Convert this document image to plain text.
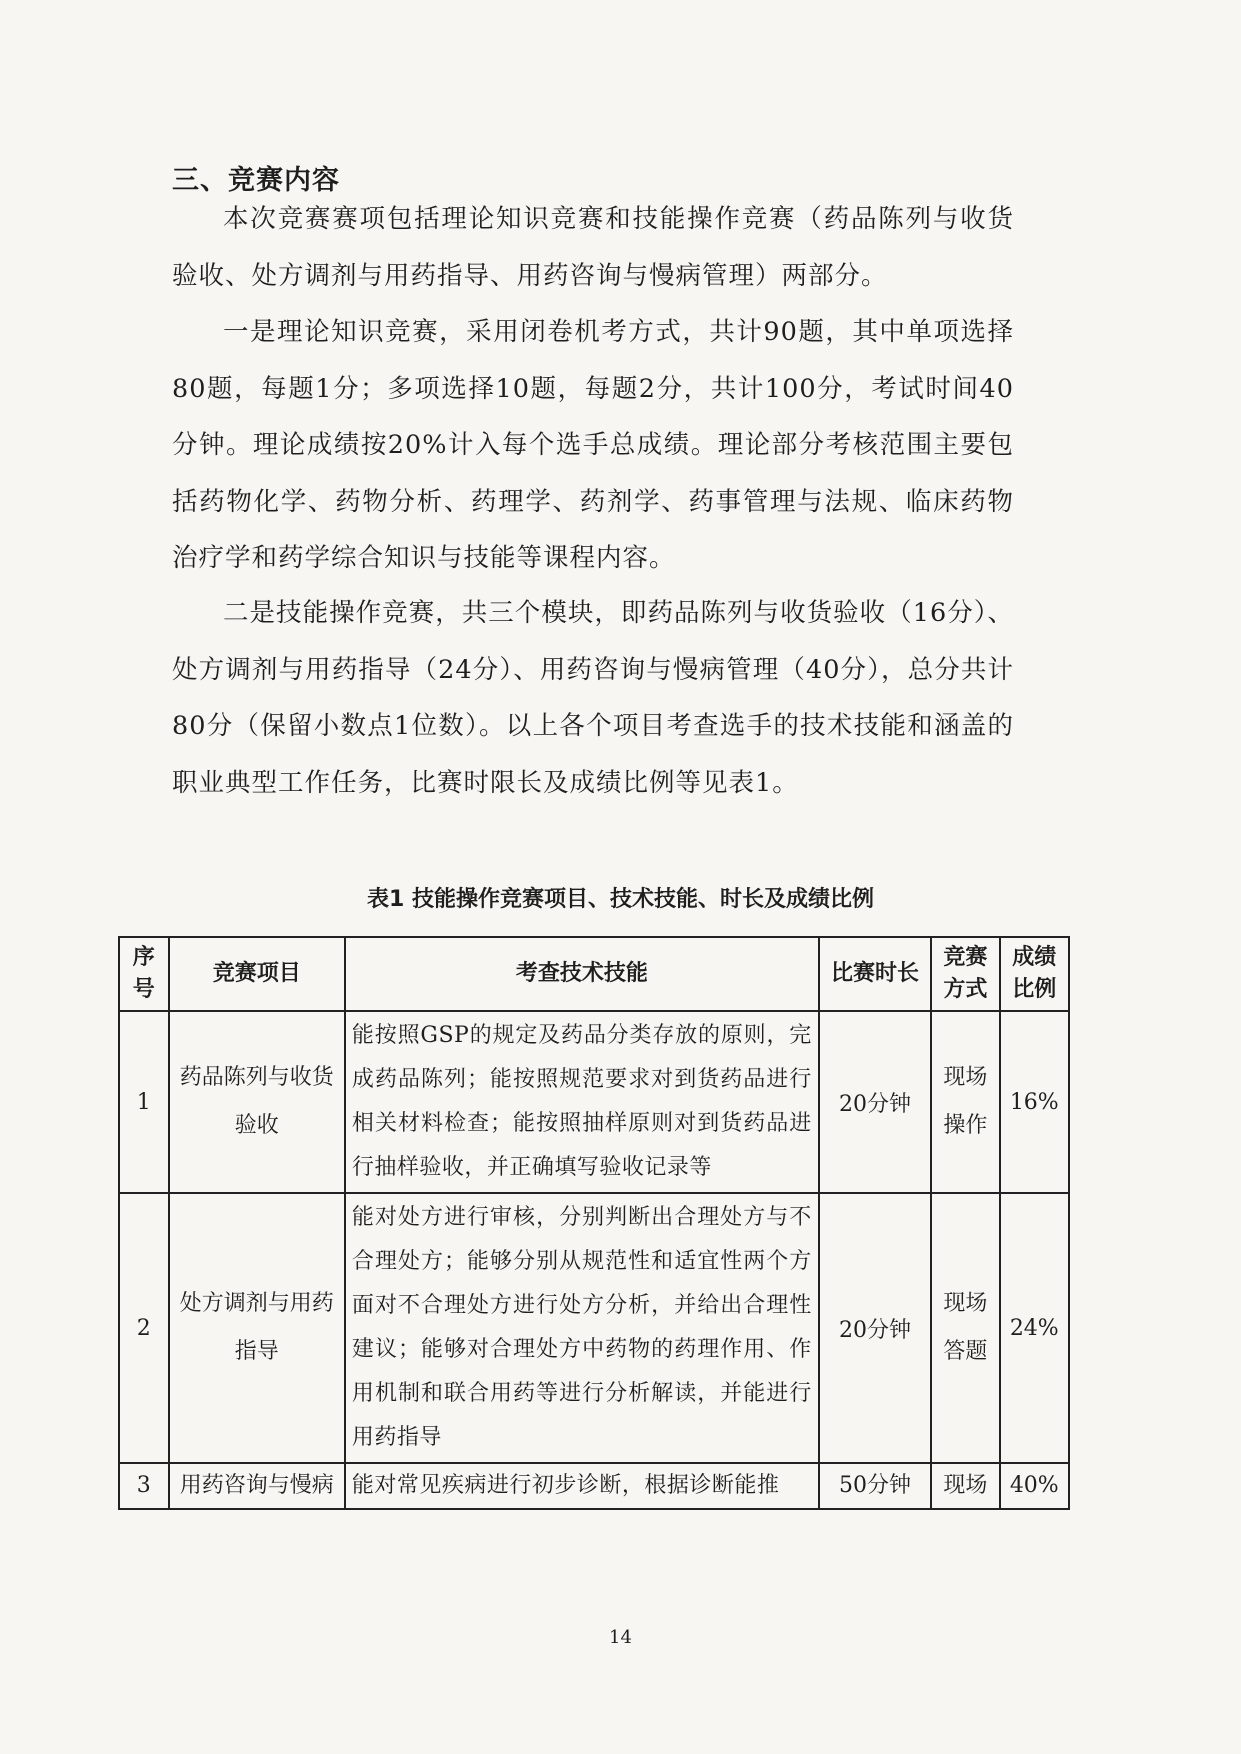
三、竞赛内容

本次竞赛赛项包括理论知识竞赛和技能操作竞赛（药品陈列与收货验收、处方调剂与用药指导、用药咨询与慢病管理）两部分。

一是理论知识竞赛，采用闭卷机考方式，共计90题，其中单项选择80题，每题1分；多项选择10题，每题2分，共计100分，考试时间40分钟。理论成绩按20%计入每个选手总成绩。理论部分考核范围主要包括药物化学、药物分析、药理学、药剂学、药事管理与法规、临床药物治疗学和药学综合知识与技能等课程内容。

二是技能操作竞赛，共三个模块，即药品陈列与收货验收（16分）、处方调剂与用药指导（24分）、用药咨询与慢病管理（40分），总分共计80分（保留小数点1位数）。以上各个项目考查选手的技术技能和涵盖的职业典型工作任务，比赛时限长及成绩比例等见表1。

表1 技能操作竞赛项目、技术技能、时长及成绩比例
序号	竞赛项目	考查技术技能	比赛时长	竞赛方式	成绩比例
1	药品陈列与收货验收	能按照GSP的规定及药品分类存放的原则，完成药品陈列；能按照规范要求对到货药品进行相关材料检查；能按照抽样原则对到货药品进行抽样验收，并正确填写验收记录等	20分钟	现场操作	16%
2	处方调剂与用药指导	能对处方进行审核，分别判断出合理处方与不合理处方；能够分别从规范性和适宜性两个方面对不合理处方进行处方分析，并给出合理性建议；能够对合理处方中药物的药理作用、作用机制和联合用药等进行分析解读，并能进行用药指导	20分钟	现场答题	24%
3	用药咨询与慢病	能对常见疾病进行初步诊断，根据诊断能推	50分钟	现场	40%
14
